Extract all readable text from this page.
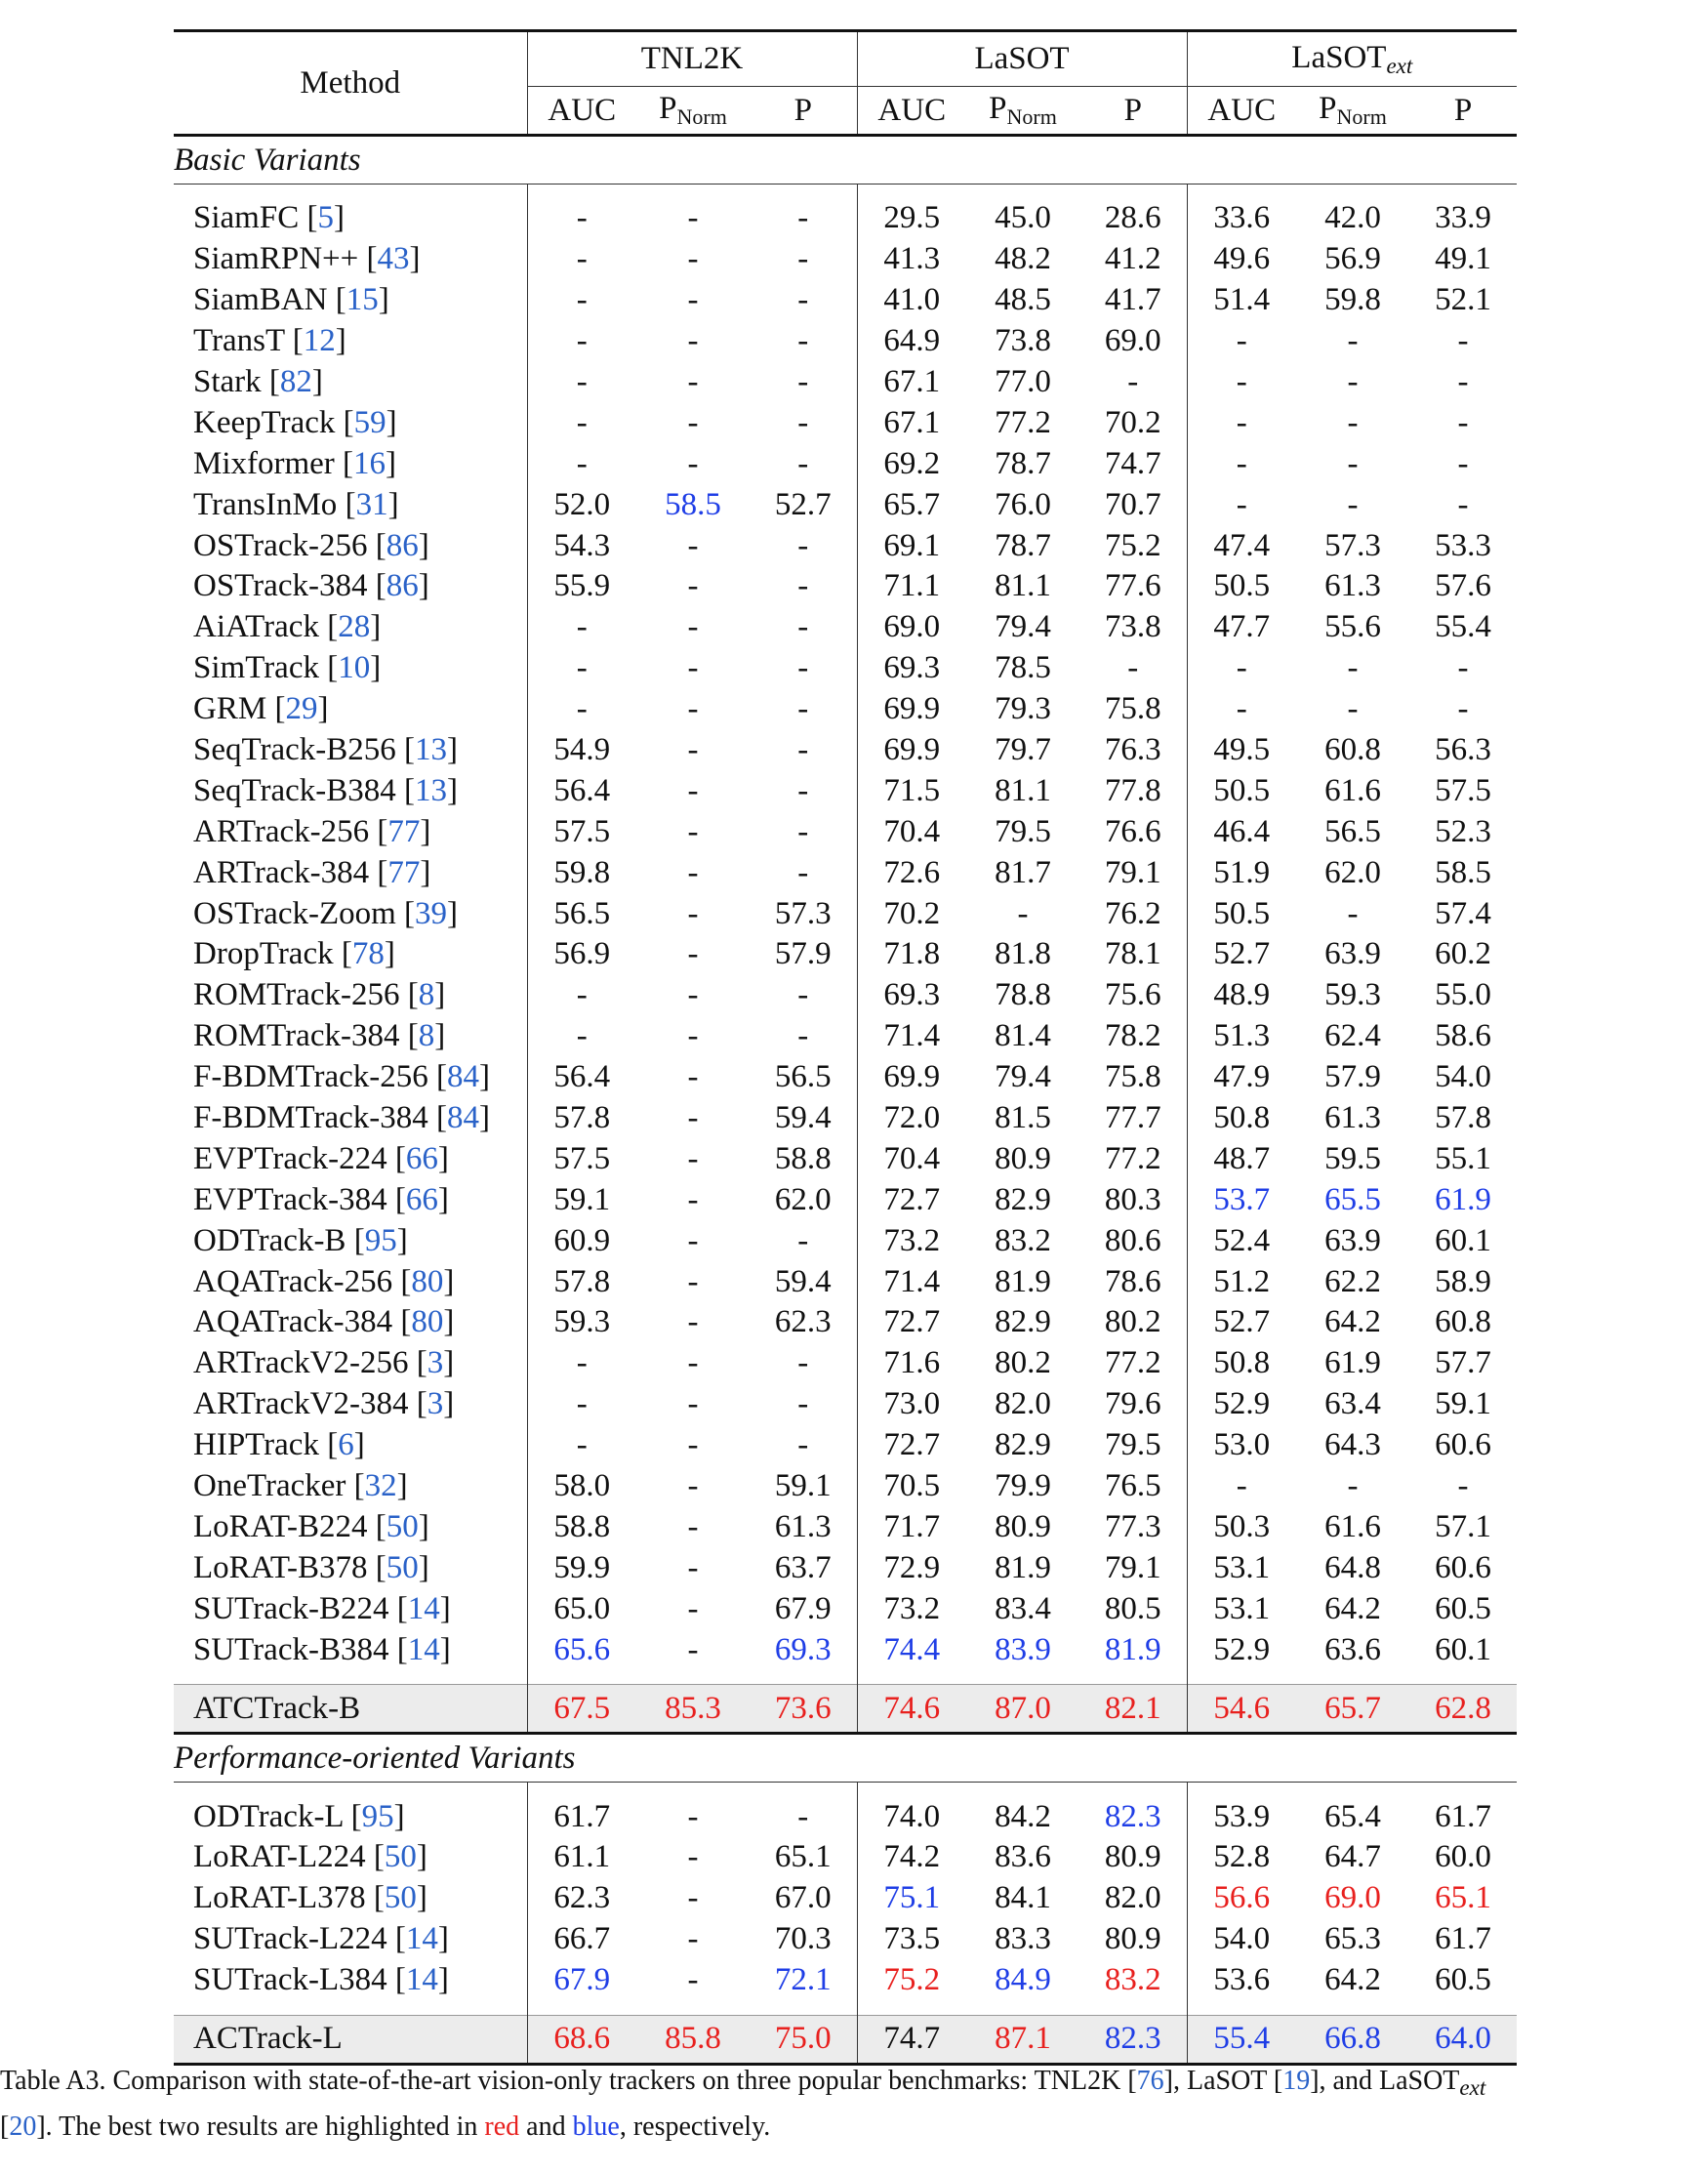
Method	TNL2K			LaSOT			LaSOText		
	AUC	$P_{Norm}$	P	AUC	$P_{Norm}$	P	AUC	$P_{Norm}$	P
Basic Variants									

SiamFC [5]	-	-	-	29.5	45.0	28.6	33.6	42.0	33.9
SiamRPN++ [43]	-	-	-	41.3	48.2	41.2	49.6	56.9	49.1
SiamBAN [15]	-	-	-	41.0	48.5	41.7	51.4	59.8	52.1
TransT [12]	-	-	-	64.9	73.8	69.0	-	-	-
Stark [82]	-	-	-	67.1	77.0	-	-	-	-
KeepTrack [59]	-	-	-	67.1	77.2	70.2	-	-	-
Mixformer [16]	-	-	-	69.2	78.7	74.7	-	-	-
TransInMo [31]	52.0	58.5	52.7	65.7	76.0	70.7	-	-	-
OSTrack-256 [86]	54.3	-	-	69.1	78.7	75.2	47.4	57.3	53.3
OSTrack-384 [86]	55.9	-	-	71.1	81.1	77.6	50.5	61.3	57.6
AiATrack [28]	-	-	-	69.0	79.4	73.8	47.7	55.6	55.4
SimTrack [10]	-	-	-	69.3	78.5	-	-	-	-
GRM [29]	-	-	-	69.9	79.3	75.8	-	-	-
SeqTrack-B256 [13]	54.9	-	-	69.9	79.7	76.3	49.5	60.8	56.3
SeqTrack-B384 [13]	56.4	-	-	71.5	81.1	77.8	50.5	61.6	57.5
ARTrack-256 [77]	57.5	-	-	70.4	79.5	76.6	46.4	56.5	52.3
ARTrack-384 [77]	59.8	-	-	72.6	81.7	79.1	51.9	62.0	58.5
OSTrack-Zoom [39]	56.5	-	57.3	70.2	-	76.2	50.5	-	57.4
DropTrack [78]	56.9	-	57.9	71.8	81.8	78.1	52.7	63.9	60.2
ROMTrack-256 [8]	-	-	-	69.3	78.8	75.6	48.9	59.3	55.0
ROMTrack-384 [8]	-	-	-	71.4	81.4	78.2	51.3	62.4	58.6
F-BDMTrack-256 [84]	56.4	-	56.5	69.9	79.4	75.8	47.9	57.9	54.0
F-BDMTrack-384 [84]	57.8	-	59.4	72.0	81.5	77.7	50.8	61.3	57.8
EVPTrack-224 [66]	57.5	-	58.8	70.4	80.9	77.2	48.7	59.5	55.1
EVPTrack-384 [66]	59.1	-	62.0	72.7	82.9	80.3	53.7	65.5	61.9
ODTrack-B [95]	60.9	-	-	73.2	83.2	80.6	52.4	63.9	60.1
AQATrack-256 [80]	57.8	-	59.4	71.4	81.9	78.6	51.2	62.2	58.9
AQATrack-384 [80]	59.3	-	62.3	72.7	82.9	80.2	52.7	64.2	60.8
ARTrackV2-256 [3]	-	-	-	71.6	80.2	77.2	50.8	61.9	57.7
ARTrackV2-384 [3]	-	-	-	73.0	82.0	79.6	52.9	63.4	59.1
HIPTrack [6]	-	-	-	72.7	82.9	79.5	53.0	64.3	60.6
OneTracker [32]	58.0	-	59.1	70.5	79.9	76.5	-	-	-
LoRAT-B224 [50]	58.8	-	61.3	71.7	80.9	77.3	50.3	61.6	57.1
LoRAT-B378 [50]	59.9	-	63.7	72.9	81.9	79.1	53.1	64.8	60.6
SUTrack-B224 [14]	65.0	-	67.9	73.2	83.4	80.5	53.1	64.2	60.5
SUTrack-B384 [14]	65.6	-	69.3	74.4	83.9	81.9	52.9	63.6	60.1

ATCTrack-B	67.5	85.3	73.6	74.6	87.0	82.1	54.6	65.7	62.8
Performance-oriented Variants									

ODTrack-L [95]	61.7	-	-	74.0	84.2	82.3	53.9	65.4	61.7
LoRAT-L224 [50]	61.1	-	65.1	74.2	83.6	80.9	52.8	64.7	60.0
LoRAT-L378 [50]	62.3	-	67.0	75.1	84.1	82.0	56.6	69.0	65.1
SUTrack-L224 [14]	66.7	-	70.3	73.5	83.3	80.9	54.0	65.3	61.7
SUTrack-L384 [14]	67.9	-	72.1	75.2	84.9	83.2	53.6	64.2	60.5

ACTrack-L	68.6	85.8	75.0	74.7	87.1	82.3	55.4	66.8	64.0
Table A3. Comparison with state-of-the-art vision-only trackers on three popular benchmarks: TNL2K [76], LaSOT [19], and LaSOT$_{ext}$
[20]. The best two results are highlighted in red and blue, respectively.
